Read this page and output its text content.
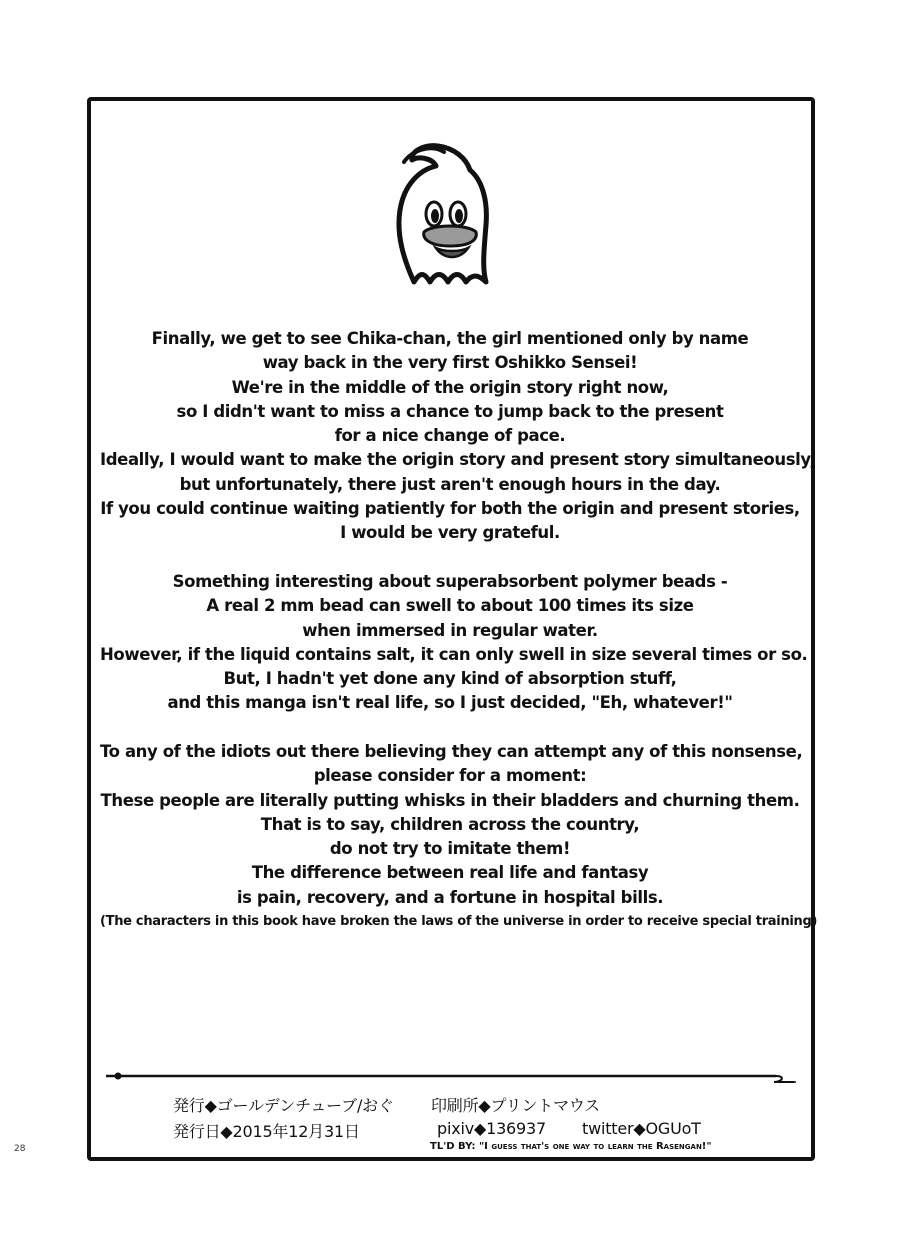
Finally, we get to see Chika-chan, the girl mentioned only by name
way back in the very first Oshikko Sensei!
We're in the middle of the origin story right now,
so I didn't want to miss a chance to jump back to the present
for a nice change of pace.
Ideally, I would want to make the origin story and present story simultaneously,
but unfortunately, there just aren't enough hours in the day.
If you could continue waiting patiently for both the origin and present stories,
I would be very grateful.
Something interesting about superabsorbent polymer beads -
A real 2 mm bead can swell to about 100 times its size
when immersed in regular water.
However, if the liquid contains salt, it can only swell in size several times or so.
But, I hadn't yet done any kind of absorption stuff,
and this manga isn't real life, so I just decided, "Eh, whatever!"
To any of the idiots out there believing they can attempt any of this nonsense,
please consider for a moment:
These people are literally putting whisks in their bladders and churning them.
That is to say, children across the country,
do not try to imitate them!
The difference between real life and fantasy
is pain, recovery, and a fortune in hospital bills.
(The characters in this book have broken the laws of the universe in order to receive special training)
発行◆ゴールデンチューブ/おぐ 印刷所◆プリントマウス
発行日◆2015年12月31日	pixiv◆136937 twitter◆OGUoT
TL'D BY: "I guess that's one way to learn the Rasengan!"
28
